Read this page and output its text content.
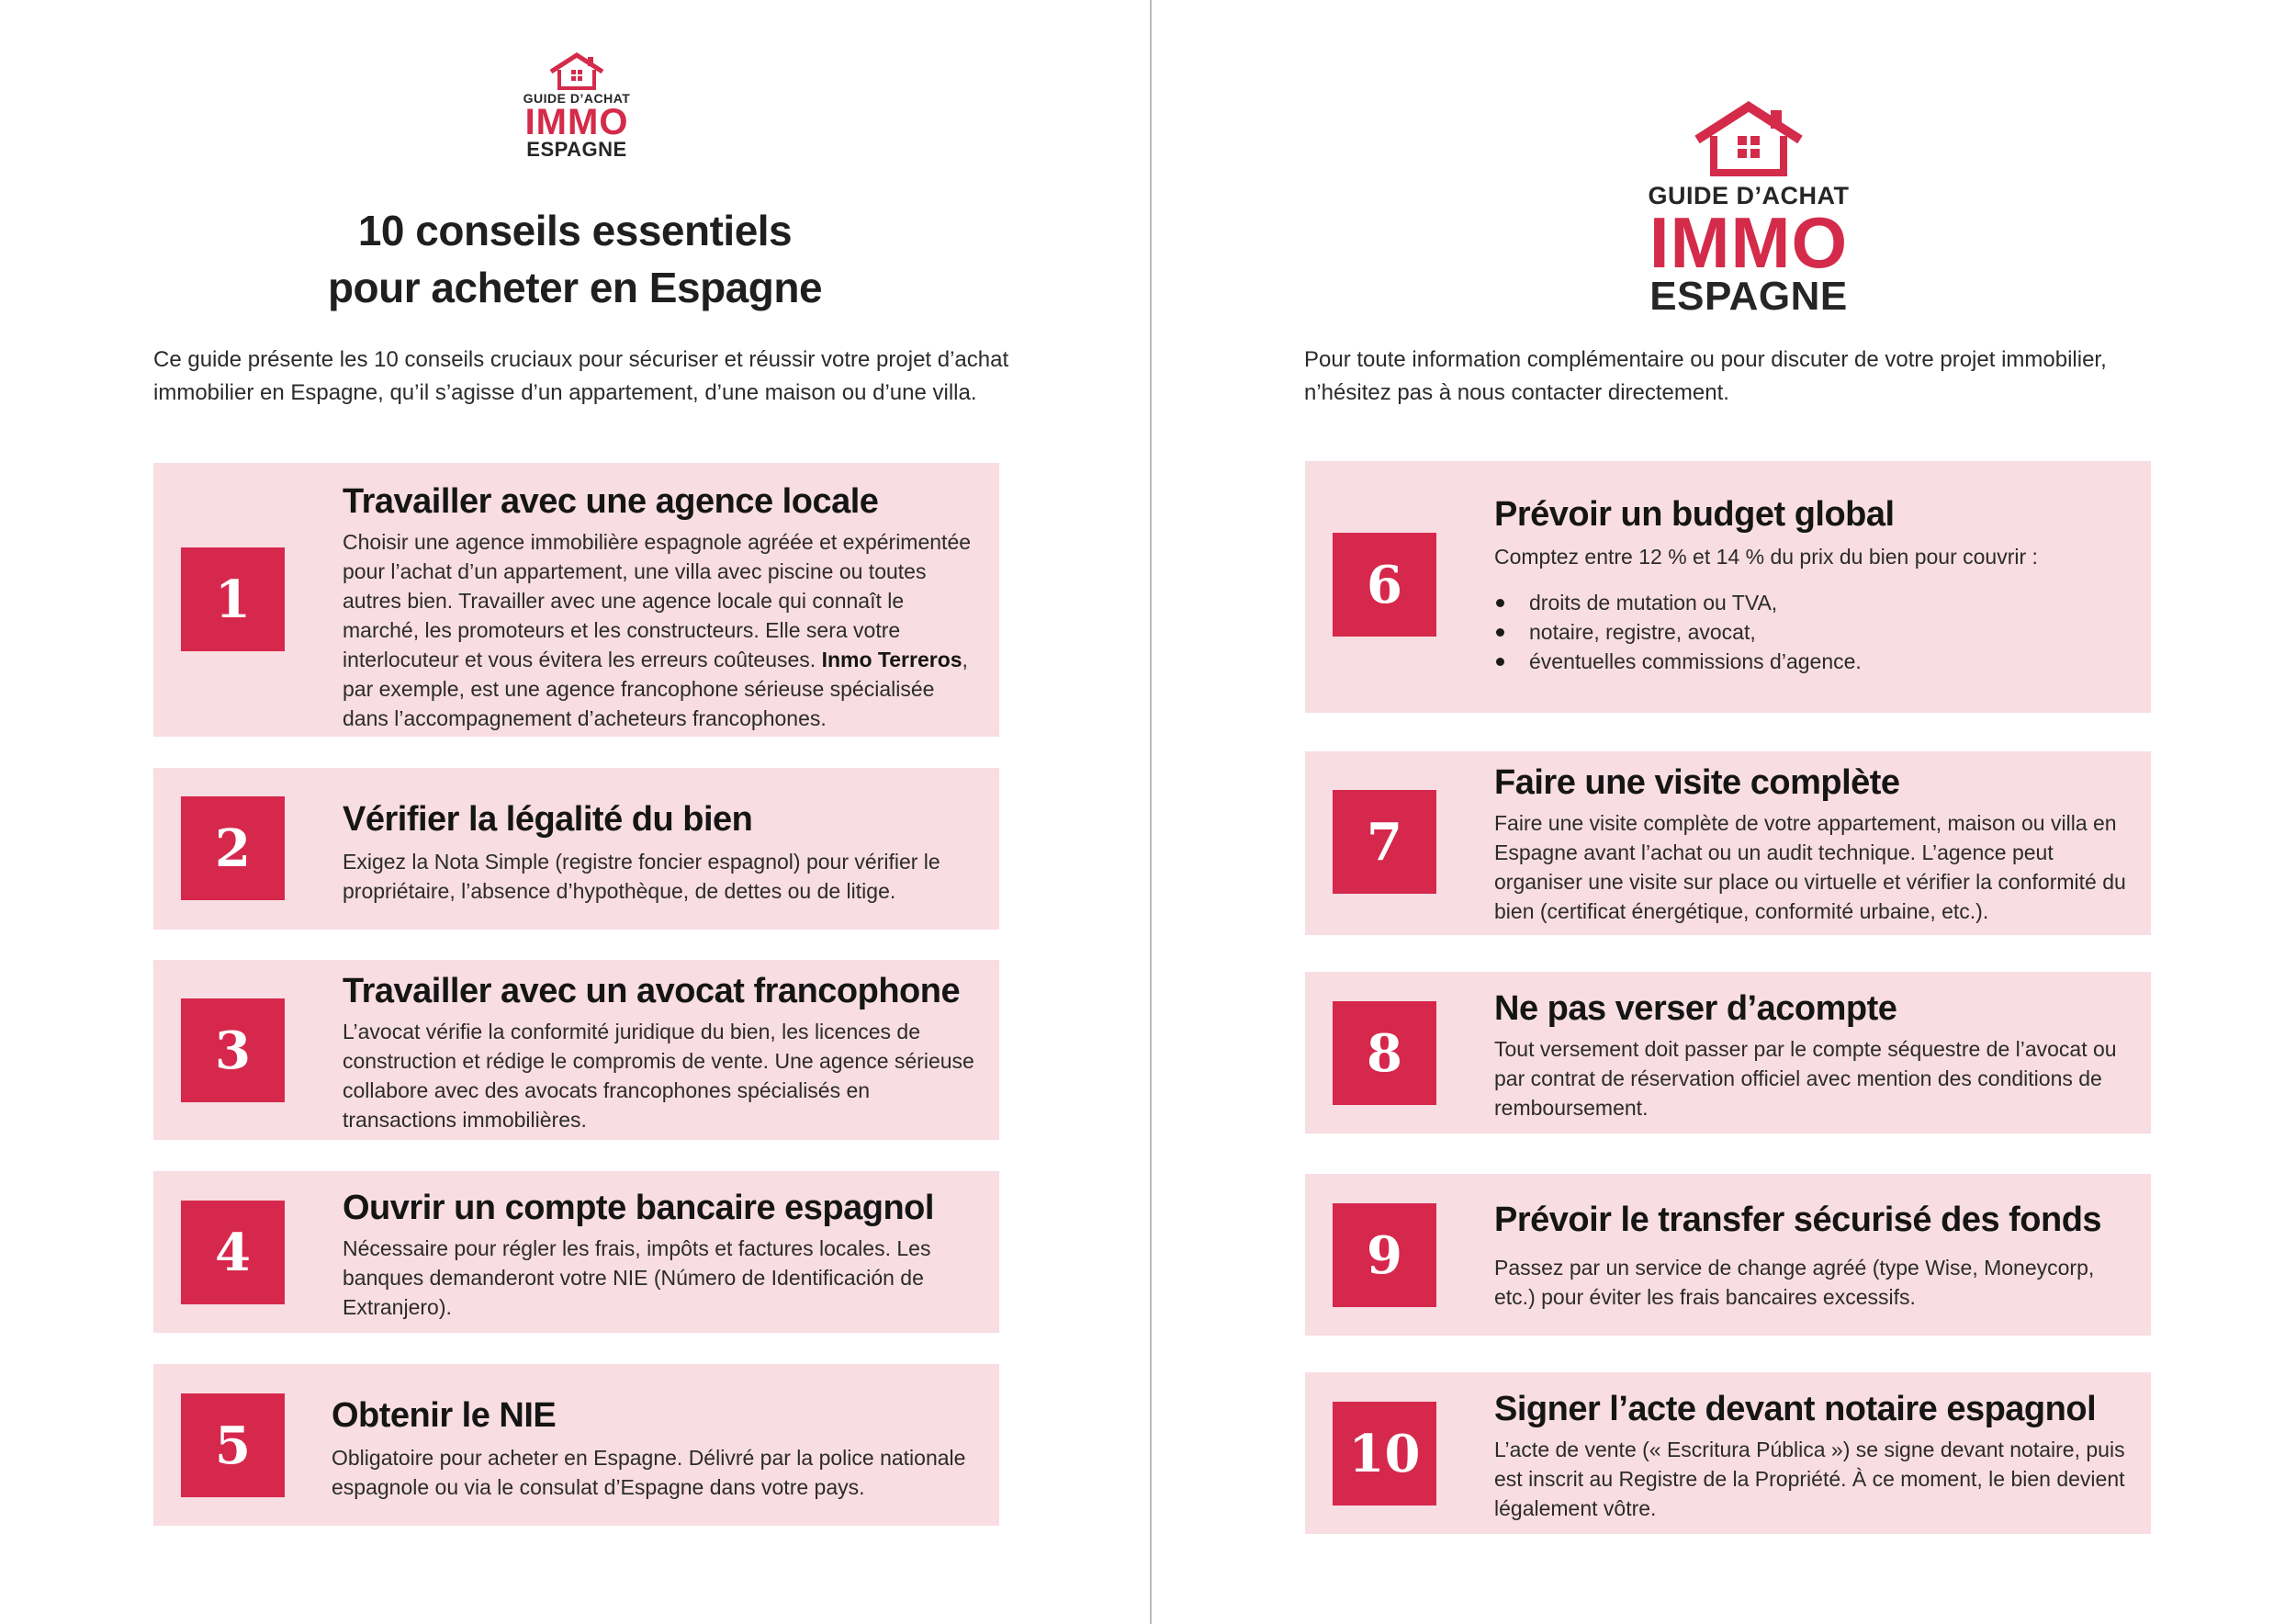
GUIDE D’ACHAT
IMMO
ESPAGNE
10 conseils essentiels
pour acheter en Espagne
Ce guide présente les 10 conseils cruciaux pour sécuriser et réussir votre projet d’achat immobilier en Espagne, qu’il s’agisse d’un appartement, d’une maison ou d’une villa.
1
Travailler avec une agence locale
Choisir une agence immobilière espagnole agréée et expérimentée pour l’achat d’un appartement, une villa avec piscine ou toutes autres bien. Travailler avec une agence locale qui connaît le marché, les promoteurs et les constructeurs. Elle sera votre interlocuteur et vous évitera les erreurs coûteuses. Inmo Terreros, par exemple, est une agence francophone sérieuse spécialisée dans l’accompagnement d’acheteurs francophones.
2	Vérifier la légalité du bien
Exigez la Nota Simple (registre foncier espagnol) pour vérifier le propriétaire, l’absence d’hypothèque, de dettes ou de litige.
3
Travailler avec un avocat francophone
L’avocat vérifie la conformité juridique du bien, les licences de construction et rédige le compromis de vente. Une agence sérieuse collabore avec des avocats francophones spécialisés en transactions immobilières.
4
Ouvrir un compte bancaire espagnol
Nécessaire pour régler les frais, impôts et factures locales. Les banques demanderont votre NIE (Número de Identificación de Extranjero).
5	Obtenir le NIE
Obligatoire pour acheter en Espagne. Délivré par la police nationale espagnole ou via le consulat d’Espagne dans votre pays.
GUIDE D’ACHAT
IMMO
ESPAGNE
Pour toute information complémentaire ou pour discuter de votre projet immobilier, n’hésitez pas à nous contacter directement.
6
Prévoir un budget global
Comptez entre 12 % et 14 % du prix du bien pour couvrir :
droits de mutation ou TVA,
notaire, registre, avocat,
éventuelles commissions d’agence.
7
Faire une visite complète
Faire une visite complète de votre appartement, maison ou villa en Espagne avant l’achat ou un audit technique. L’agence peut organiser une visite sur place ou virtuelle et vérifier la conformité du bien (certificat énergétique, conformité urbaine, etc.).
8
Ne pas verser d’acompte
Tout versement doit passer par le compte séquestre de l’avocat ou par contrat de réservation officiel avec mention des conditions de remboursement.
9
Prévoir le transfer sécurisé des fonds
Passez par un service de change agréé (type Wise, Moneycorp, etc.) pour éviter les frais bancaires excessifs.
10
Signer l’acte devant notaire espagnol
L’acte de vente (« Escritura Pública ») se signe devant notaire, puis est inscrit au Registre de la Propriété. À ce moment, le bien devient légalement vôtre.
